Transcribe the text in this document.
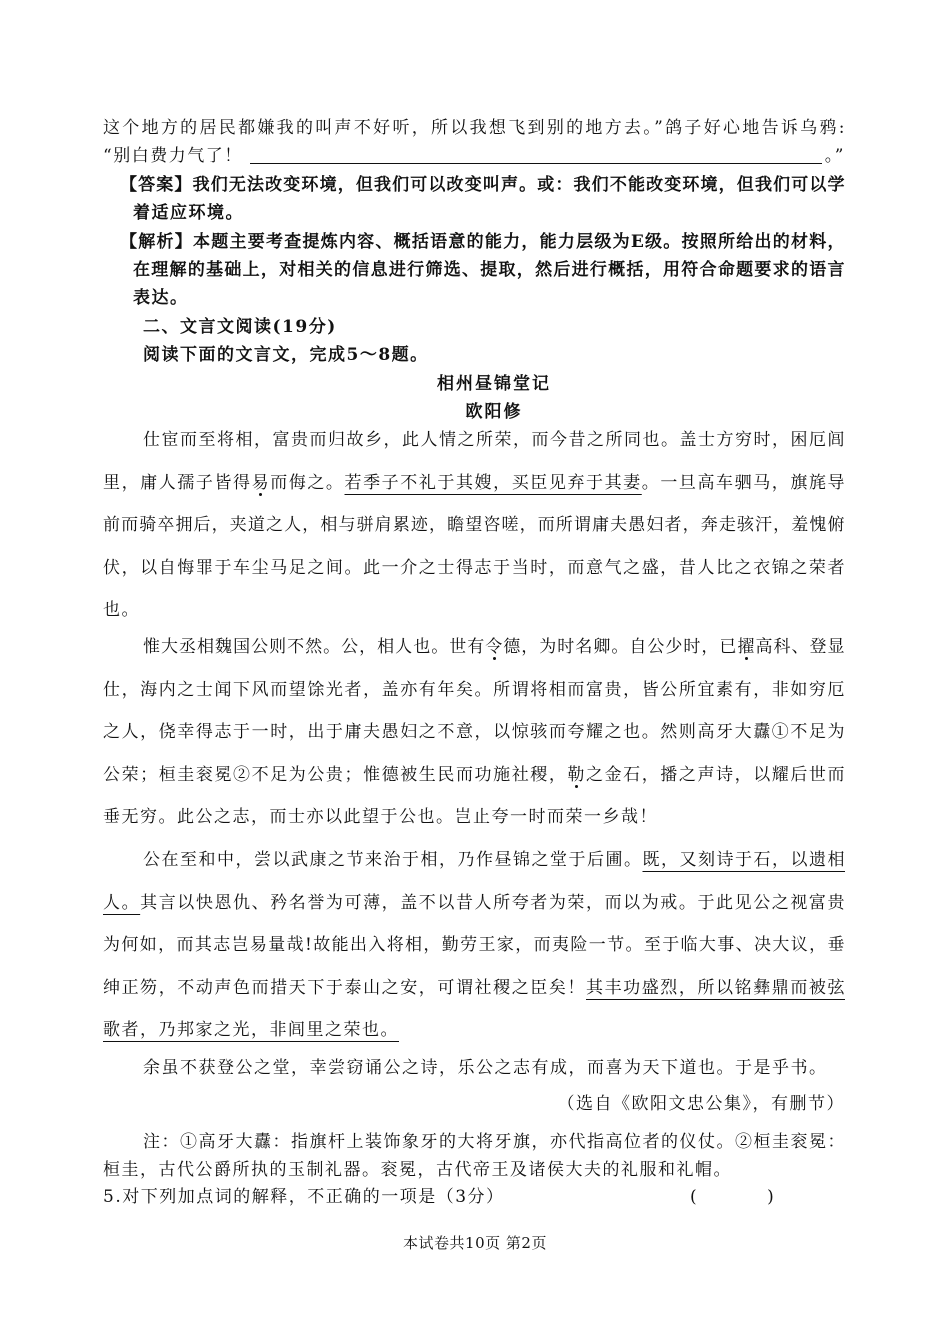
这个地方的居民都嫌我的叫声不好听，所以我想飞到别的地方去。”鸽子好心地告诉乌鸦:
“别白费力气了！	。”
【答案】我们无法改变环境，但我们可以改变叫声。或：我们不能改变环境，但我们可以学
着适应环境。
【解析】本题主要考查提炼内容、概括语意的能力，能力层级为E级。按照所给出的材料，
在理解的基础上，对相关的信息进行筛选、提取，然后进行概括，用符合命题要求的语言
表达。
二、文言文阅读(19分)
阅读下面的文言文，完成5～8题。
相州昼锦堂记
欧阳修
仕宦而至将相，富贵而归故乡，此人情之所荣，而今昔之所同也。盖士方穷时，困厄闾
里，庸人孺子皆得易而侮之。若季子不礼于其嫂，买臣见弃于其妻。一旦高车驷马，旗旄导
前而骑卒拥后，夹道之人，相与骈肩累迹，瞻望咨嗟，而所谓庸夫愚妇者，奔走骇汗，羞愧俯
伏，以自悔罪于车尘马足之间。此一介之士得志于当时，而意气之盛，昔人比之衣锦之荣者
也。
惟大丞相魏国公则不然。公，相人也。世有令德，为时名卿。自公少时，已擢高科、登显
仕，海内之士闻下风而望馀光者，盖亦有年矣。所谓将相而富贵，皆公所宜素有，非如穷厄
之人，侥幸得志于一时，出于庸夫愚妇之不意，以惊骇而夸耀之也。然则高牙大纛①不足为
公荣；桓圭衮冕②不足为公贵；惟德被生民而功施社稷，勒之金石，播之声诗，以耀后世而
垂无穷。此公之志，而士亦以此望于公也。岂止夸一时而荣一乡哉！
公在至和中，尝以武康之节来治于相，乃作昼锦之堂于后圃。既，又刻诗于石，以遗相
人。其言以快恩仇、矜名誉为可薄，盖不以昔人所夸者为荣，而以为戒。于此见公之视富贵
为何如，而其志岂易量哉!故能出入将相，勤劳王家，而夷险一节。至于临大事、决大议，垂
绅正笏，不动声色而措天下于泰山之安，可谓社稷之臣矣！其丰功盛烈，所以铭彝鼎而被弦
歌者，乃邦家之光，非闾里之荣也。
余虽不获登公之堂，幸尝窃诵公之诗，乐公之志有成，而喜为天下道也。于是乎书。
（选自《欧阳文忠公集》，有删节）
注：①高牙大纛：指旗杆上装饰象牙的大将牙旗，亦代指高位者的仪仗。②桓圭衮冕：
桓圭，古代公爵所执的玉制礼器。衮冕，古代帝王及诸侯大夫的礼服和礼帽。
5.对下列加点词的解释，不正确的一项是（3分）	(          )
本试卷共10页 第2页
